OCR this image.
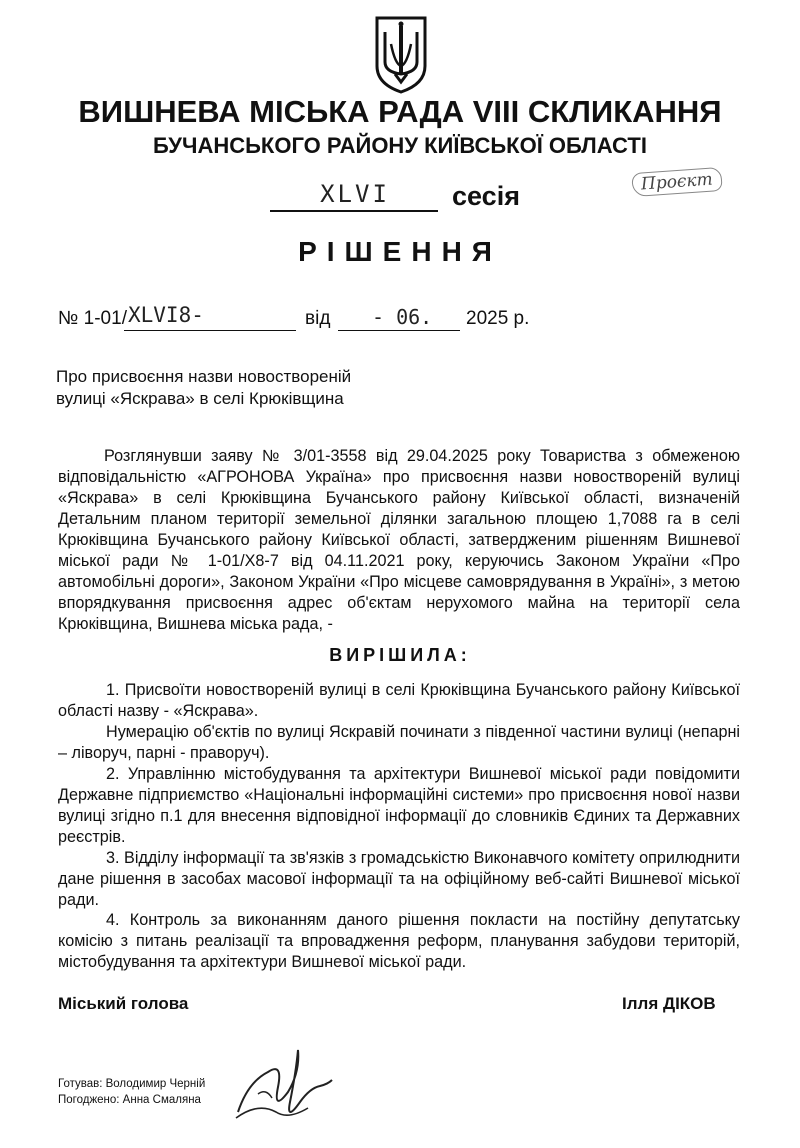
ВИШНЕВА МІСЬКА РАДА VIII СКЛИКАННЯ
БУЧАНСЬКОГО РАЙОНУ КИЇВСЬКОЇ ОБЛАСТІ
Проєкт
XLVI	сесія
РІШЕННЯ
№ 1-01/ XLVI8-	від - 06. 2025 р.
Про присвоєння назви новоствореній
вулиці «Яскрава» в селі Крюківщина
Розглянувши заяву № 3/01-3558 від 29.04.2025 року Товариства з обмеженою відповідальністю «АГРОНОВА Україна» про присвоєння назви новоствореній вулиці «Яскрава» в селі Крюківщина Бучанського району Київської області, визначеній Детальним планом території земельної ділянки загальною площею 1,7088 га в селі Крюківщина Бучанського району Київської області, затвердженим рішенням Вишневої міської ради № 1-01/Х8-7 від 04.11.2021 року, керуючись Законом України «Про автомобільні дороги», Законом України «Про місцеве самоврядування в Україні», з метою впорядкування присвоєння адрес об'єктам нерухомого майна на території села Крюківщина, Вишнева міська рада, -
ВИРІШИЛА:
1. Присвоїти новоствореній вулиці в селі Крюківщина Бучанського району Київської області назву - «Яскрава».
Нумерацію об'єктів по вулиці Яскравій починати з південної частини вулиці (непарні – ліворуч, парні - праворуч).
2. Управлінню містобудування та архітектури Вишневої міської ради повідомити Державне підприємство «Національні інформаційні системи» про присвоєння нової назви вулиці згідно п.1 для внесення відповідної інформації до словників Єдиних та Державних реєстрів.
3. Відділу інформації та зв'язків з громадськістю Виконавчого комітету оприлюднити дане рішення в засобах масової інформації та на офіційному веб-сайті Вишневої міської ради.
4. Контроль за виконанням даного рішення покласти на постійну депутатську комісію з питань реалізації та впровадження реформ, планування забудови територій, містобудування та архітектури Вишневої міської ради.
Міський голова	Ілля ДІКОВ
Готував: Володимир Черній
Погоджено: Анна Смаляна
